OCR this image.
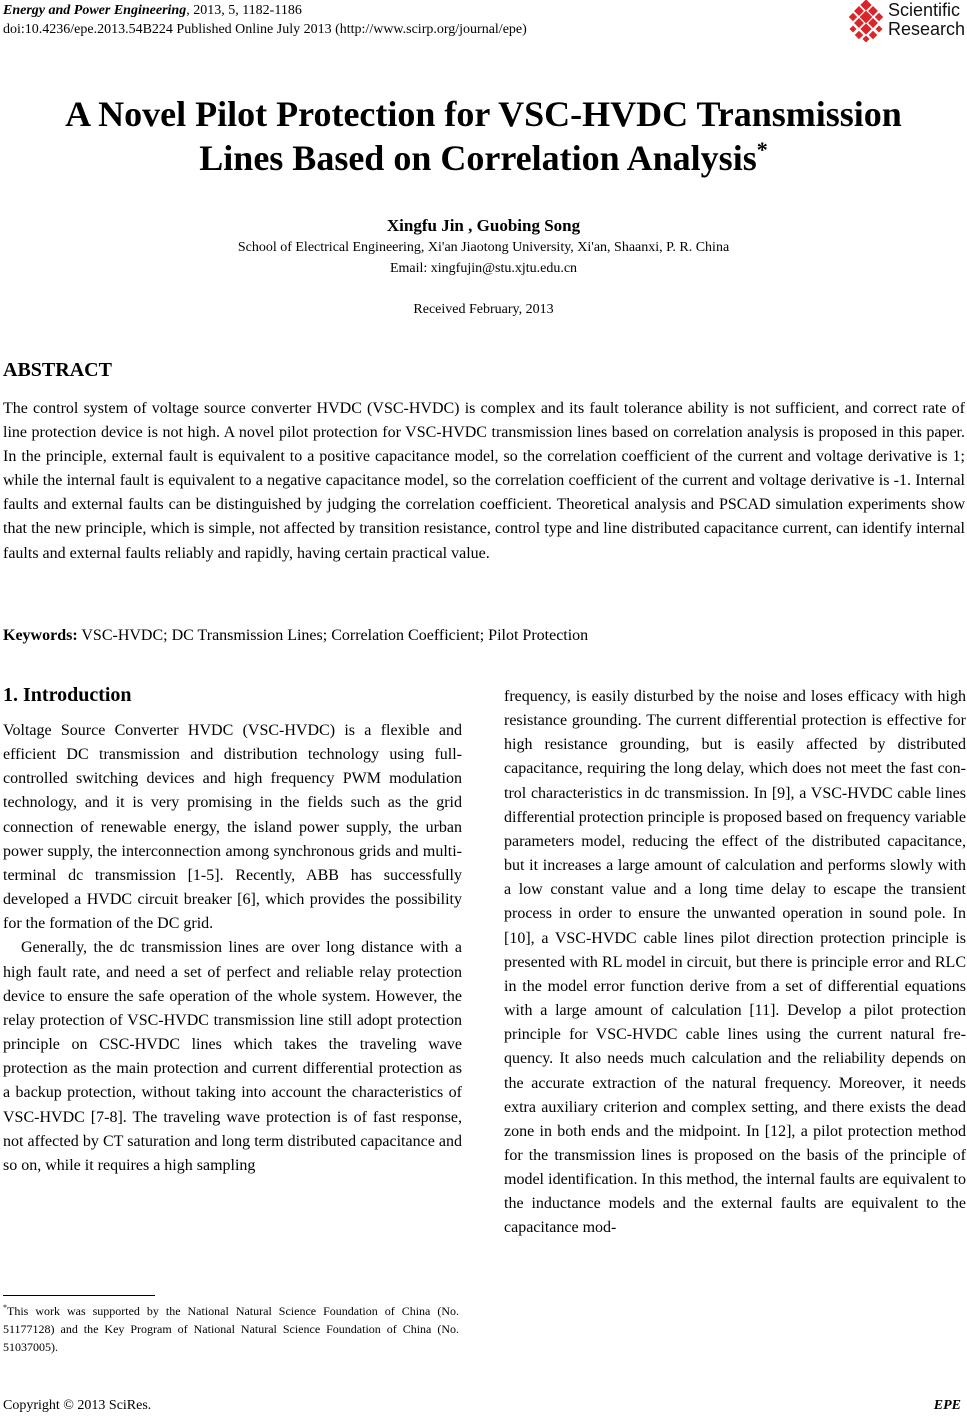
Energy and Power Engineering, 2013, 5, 1182-1186
doi:10.4236/epe.2013.54B224 Published Online July 2013 (http://www.scirp.org/journal/epe)
Scientific
Research
A Novel Pilot Protection for VSC-HVDC Transmission
Lines Based on Correlation Analysis*
Xingfu Jin , Guobing Song
School of Electrical Engineering, Xi'an Jiaotong University, Xi'an, Shaanxi, P. R. China
Email: xingfujin@stu.xjtu.edu.cn
Received February, 2013
ABSTRACT
The control system of voltage source converter HVDC (VSC-HVDC) is complex and its fault tolerance ability is not sufficient, and correct rate of line protection device is not high. A novel pilot protection for VSC-HVDC transmission lines based on correlation analysis is proposed in this paper. In the principle, external fault is equivalent to a positive capacitance model, so the correlation coefficient of the current and voltage derivative is 1; while the internal fault is equivalent to a negative capacitance model, so the correlation coefficient of the current and voltage derivative is -1. Internal faults and external faults can be distinguished by judging the correlation coefficient. Theoretical analysis and PSCAD simulation experiments show that the new principle, which is simple, not affected by transition resistance, control type and line distributed capacitance current, can identify internal faults and external faults reliably and rapidly, having certain practical value.
Keywords: VSC-HVDC; DC Transmission Lines; Correlation Coefficient; Pilot Protection
1. Introduction

Voltage Source Converter HVDC (VSC-HVDC) is a flexible and efficient DC transmission and distribution technology using full-controlled switching devices and high frequency PWM modulation technology, and it is very promising in the fields such as the grid connection of renewable energy, the island power supply, the urban power supply, the interconnection among synchronous grids and multi-terminal dc transmission [1-5]. Recently, ABB has successfully developed a HVDC circuit breaker [6], which provides the possibility for the formation of the DC grid.

Generally, the dc transmission lines are over long distance with a high fault rate, and need a set of perfect and reliable relay protection device to ensure the safe operation of the whole system. However, the relay protection of VSC-HVDC transmission line still adopt protection principle on CSC-HVDC lines which takes the traveling wave protection as the main protection and current differential protection as a backup protection, without taking into account the characteristics of VSC-HVDC [7-8]. The traveling wave protection is of fast response, not affected by CT saturation and long term distributed capacitance and so on, while it requires a high sampling

frequency, is easily disturbed by the noise and loses efficacy with high resistance grounding. The current differential protection is effective for high resistance grounding, but is easily affected by distributed capacitance, requiring the long delay, which does not meet the fast control characteristics in dc transmission. In [9], a VSC-HVDC cable lines differential protection principle is proposed based on frequency variable parameters model, reducing the effect of the distributed capacitance, but it increases a large amount of calculation and performs slowly with a low constant value and a long time delay to escape the transient process in order to ensure the unwanted operation in sound pole. In [10], a VSC-HVDC cable lines pilot direction protection principle is presented with RL model in circuit, but there is principle error and RLC in the model error function derive from a set of differential equations with a large amount of calculation [11]. Develop a pilot protection principle for VSC-HVDC cable lines using the current natural frequency. It also needs much calculation and the reliability depends on the accurate extraction of the natural frequency. Moreover, it needs extra auxiliary criterion and complex setting, and there exists the dead zone in both ends and the midpoint. In [12], a pilot protection method for the transmission lines is proposed on the basis of the principle of model identification. In this method, the internal faults are equivalent to the inductance models and the external faults are equivalent to the capacitance mod-

*This work was supported by the National Natural Science Foundation of China (No. 51177128) and the Key Program of National Natural Science Foundation of China (No. 51037005).
Copyright © 2013 SciRes.	EPE
